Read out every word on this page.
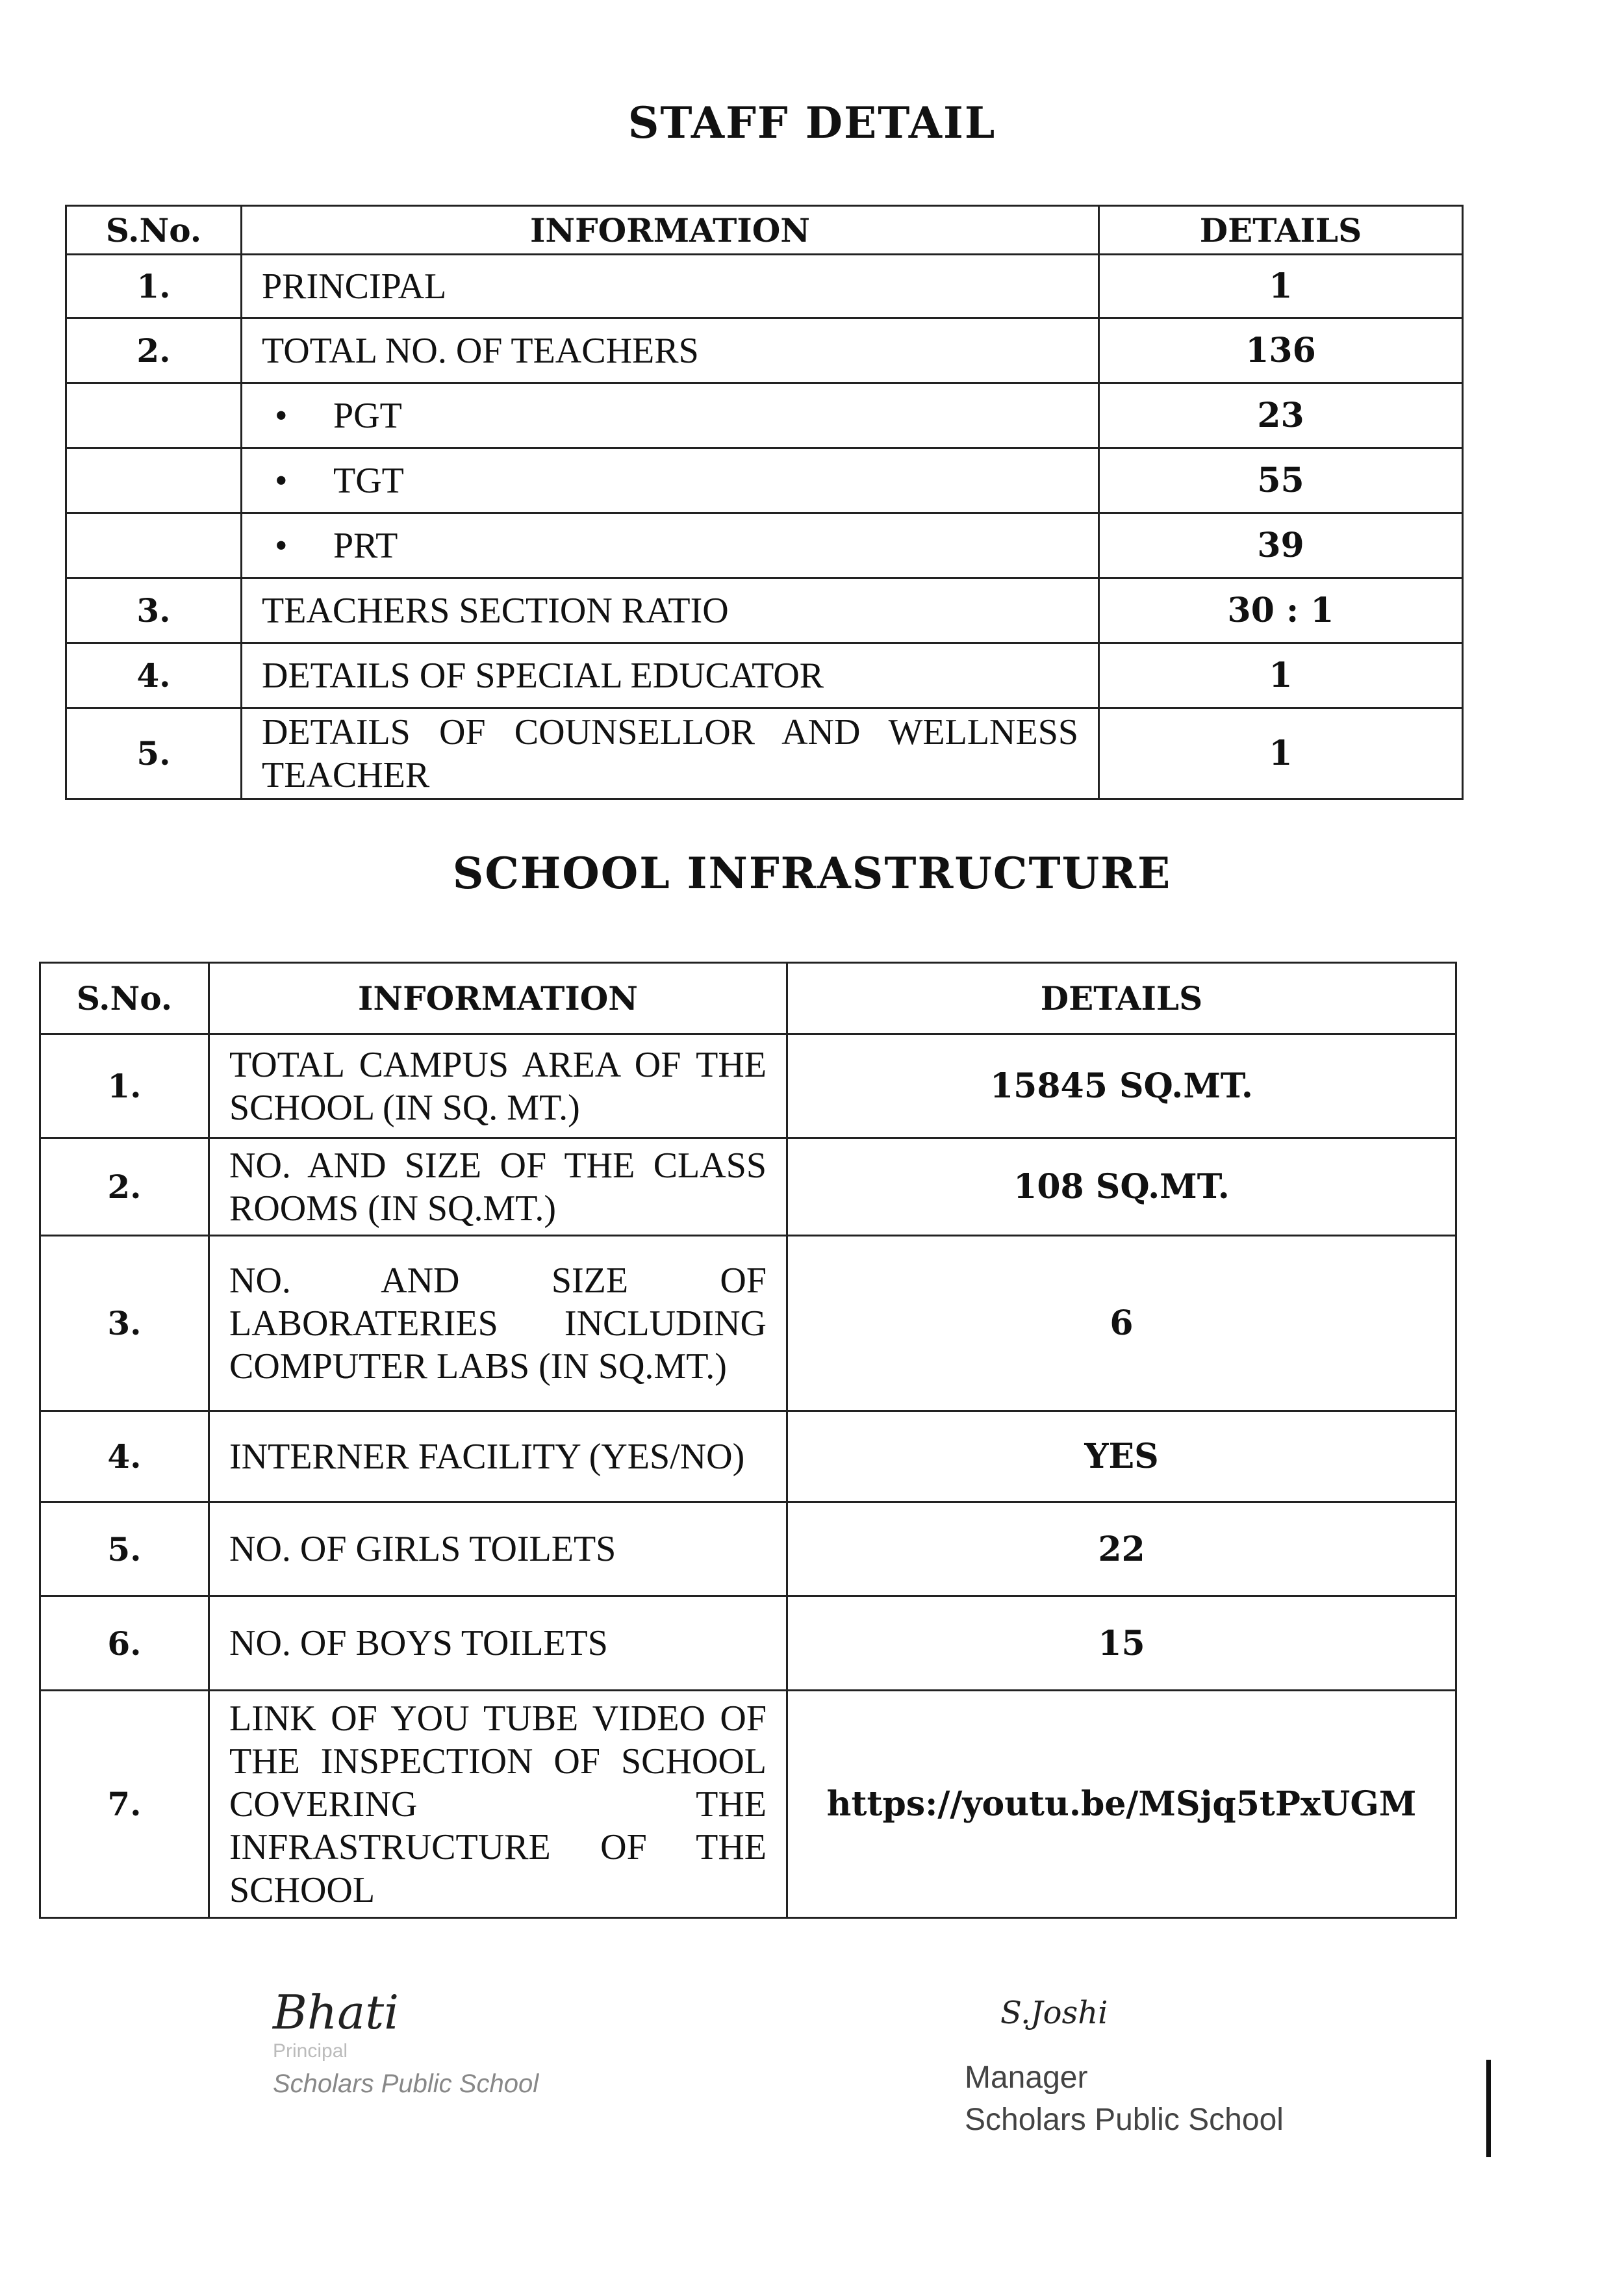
STAFF DETAIL
S.No.	INFORMATION	DETAILS
1.	PRINCIPAL	1
2.	TOTAL NO. OF TEACHERS	136
	• PGT	23
	• TGT	55
	• PRT	39
3.	TEACHERS SECTION RATIO	30 : 1
4.	DETAILS OF SPECIAL EDUCATOR	1
5.	DETAILS OF COUNSELLOR AND WELLNESS TEACHER	1
SCHOOL INFRASTRUCTURE
S.No.	INFORMATION	DETAILS
1.	TOTAL CAMPUS AREA OF THE SCHOOL (IN SQ. MT.)	15845 SQ.MT.
2.	NO. AND SIZE OF THE CLASS ROOMS (IN SQ.MT.)	108 SQ.MT.
3.	NO. AND SIZE OF LABORATERIES INCLUDING COMPUTER LABS (IN SQ.MT.)	6
4.	INTERNER FACILITY (YES/NO)	YES
5.	NO. OF GIRLS TOILETS	22
6.	NO. OF BOYS TOILETS	15
7.	LINK OF YOU TUBE VIDEO OF THE INSPECTION OF SCHOOL COVERING THE INFRASTRUCTURE OF THE SCHOOL	https://youtu.be/MSjq5tPxUGM
Bhati
Principal
Scholars Public School
S.Joshi
Manager
Scholars Public School
